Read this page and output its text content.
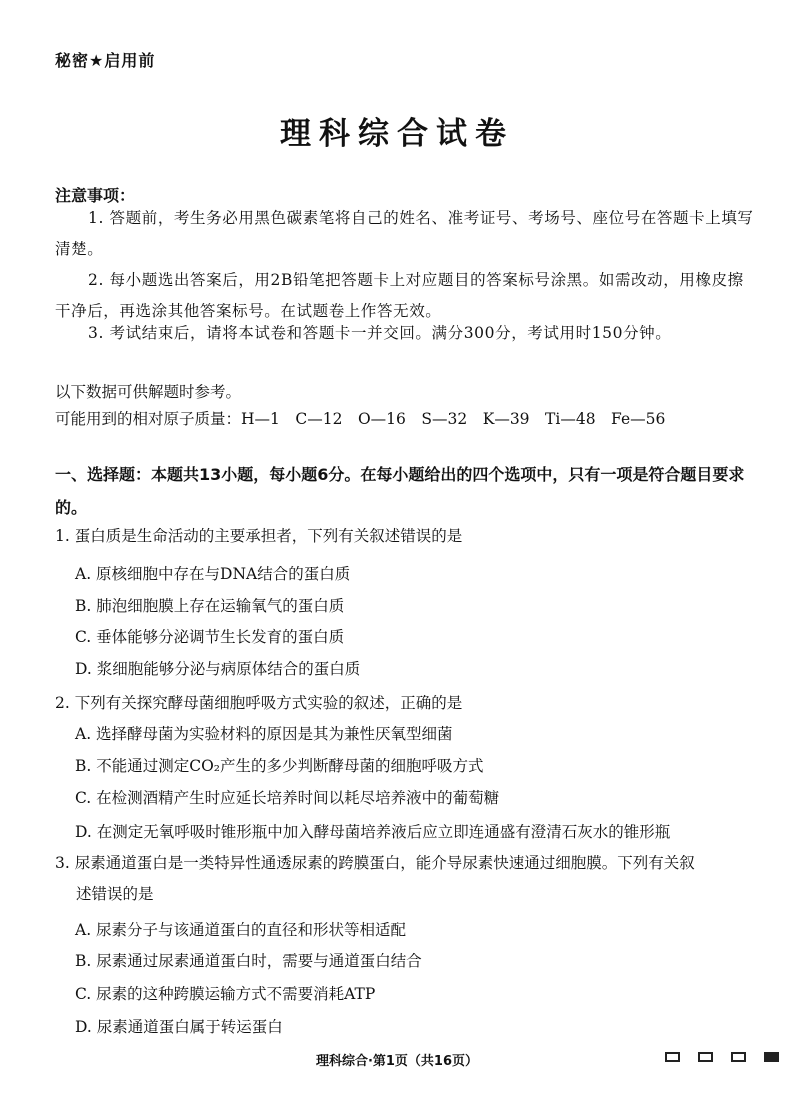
秘密★启用前
理科综合试卷
注意事项：
1. 答题前，考生务必用黑色碳素笔将自己的姓名、准考证号、考场号、座位号在答题卡上填写清楚。
2. 每小题选出答案后，用2B铅笔把答题卡上对应题目的答案标号涂黑。如需改动，用橡皮擦干净后，再选涂其他答案标号。在试题卷上作答无效。
3. 考试结束后，请将本试卷和答题卡一并交回。满分300分，考试用时150分钟。
以下数据可供解题时参考。
可能用到的相对原子质量：H—1　C—12　O—16　S—32　K—39　Ti—48　Fe—56
一、选择题：本题共13小题，每小题6分。在每小题给出的四个选项中，只有一项是符合题目要求的。
1. 蛋白质是生命活动的主要承担者，下列有关叙述错误的是
A. 原核细胞中存在与DNA结合的蛋白质
B. 肺泡细胞膜上存在运输氧气的蛋白质
C. 垂体能够分泌调节生长发育的蛋白质
D. 浆细胞能够分泌与病原体结合的蛋白质
2. 下列有关探究酵母菌细胞呼吸方式实验的叙述，正确的是
A. 选择酵母菌为实验材料的原因是其为兼性厌氧型细菌
B. 不能通过测定CO₂产生的多少判断酵母菌的细胞呼吸方式
C. 在检测酒精产生时应延长培养时间以耗尽培养液中的葡萄糖
D. 在测定无氧呼吸时锥形瓶中加入酵母菌培养液后应立即连通盛有澄清石灰水的锥形瓶
3. 尿素通道蛋白是一类特异性通透尿素的跨膜蛋白，能介导尿素快速通过细胞膜。下列有关叙
述错误的是
A. 尿素分子与该通道蛋白的直径和形状等相适配
B. 尿素通过尿素通道蛋白时，需要与通道蛋白结合
C. 尿素的这种跨膜运输方式不需要消耗ATP
D. 尿素通道蛋白属于转运蛋白
理科综合·第1页（共16页）
